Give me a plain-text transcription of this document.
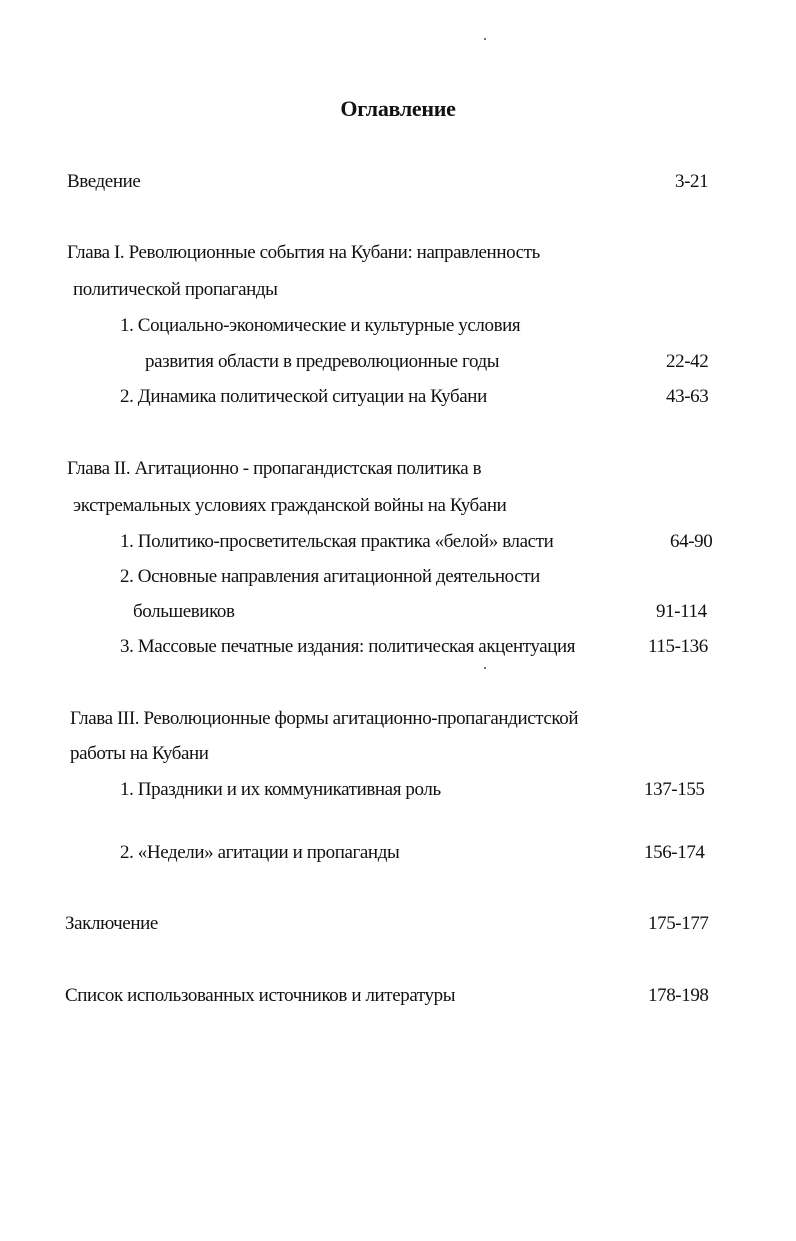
Оглавление
Введение	3-21
Глава I. Революционные события на Кубани: направленность
политической пропаганды
1. Социально-экономические и культурные условия
развития области в предреволюционные годы	22-42
2. Динамика политической ситуации на Кубани	43-63
Глава II. Агитационно - пропагандистская политика в
экстремальных условиях гражданской войны на Кубани
1. Политико-просветительская практика «белой» власти	64-90
2. Основные направления агитационной деятельности
большевиков	91-114
3. Массовые печатные издания: политическая акцентуация	115-136
Глава III. Революционные формы агитационно-пропагандистской
работы на Кубани
1. Праздники и их коммуникативная роль	137-155
2. «Недели» агитации и пропаганды	156-174
Заключение	175-177
Список использованных источников и литературы	178-198
